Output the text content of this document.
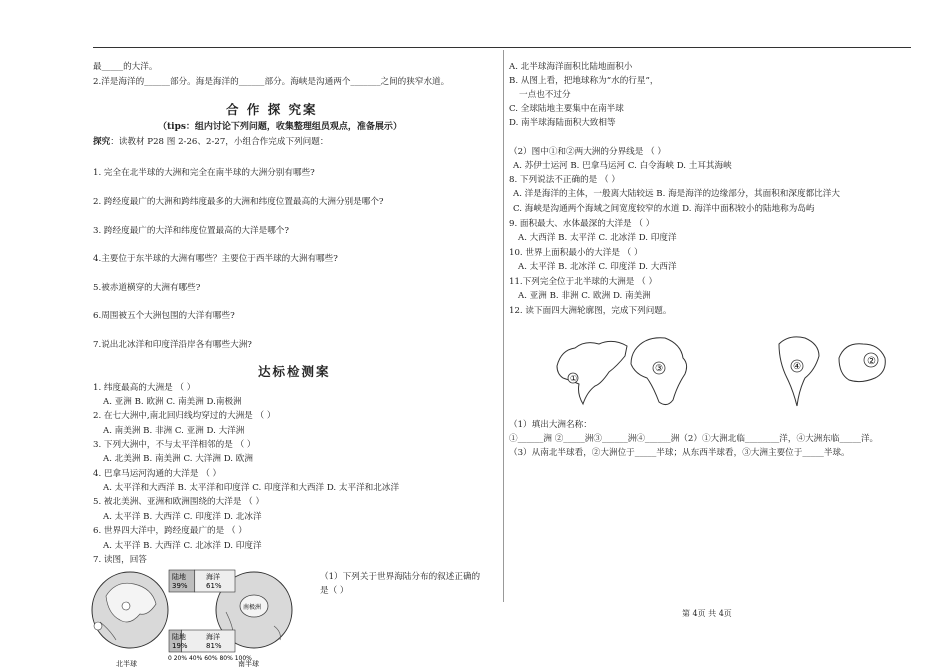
最_____的大洋。
2.洋是海洋的______部分。海是海洋的______部分。海峡是沟通两个_______之间的狭窄水道。
合 作 探 究案
（tips：组内讨论下列问题，收集整理组员观点，准备展示）
探究：读教材 P28 图 2-26、2-27，小组合作完成下列问题：
1. 完全在北半球的大洲和完全在南半球的大洲分别有哪些?
2. 跨经度最广的大洲和跨纬度最多的大洲和纬度位置最高的大洲分别是哪个?
3. 跨经度最广的大洋和纬度位置最高的大洋是哪个?
4.主要位于东半球的大洲有哪些？主要位于西半球的大洲有哪些?
5.被赤道横穿的大洲有哪些?
6.周围被五个大洲包围的大洋有哪些?
7.说出北冰洋和印度洋沿岸各有哪些大洲?
达标检测案
1. 纬度最高的大洲是 （ ）
A. 亚洲 B. 欧洲 C. 南美洲 D.南极洲
2. 在七大洲中,南北回归线均穿过的大洲是 （ ）
A. 南美洲 B. 非洲 C. 亚洲 D. 大洋洲
3. 下列大洲中，不与太平洋相邻的是 （ ）
A. 北美洲 B. 南美洲 C. 大洋洲 D. 欧洲
4. 巴拿马运河沟通的大洋是 （ ）
A. 太平洋和大西洋 B. 太平洋和印度洋 C. 印度洋和大西洋 D. 太平洋和北冰洋
5. 被北美洲、亚洲和欧洲围绕的大洋是 （ ）
A. 太平洋 B. 大西洋 C. 印度洋 D. 北冰洋
6. 世界四大洋中，跨经度最广的是 （ ）
A. 太平洋 B. 大西洋 C. 北冰洋 D. 印度洋
7. 读图，回答
（1）下列关于世界海陆分布的叙述正确的
是（ ）
陆地
39%
海洋
61%
陆地
19%
海洋
81%
0 20% 40% 60% 80% 100%
北半球	南半球
南极洲
A. 北半球海洋面积比陆地面积小
B. 从图上看，把地球称为“水的行星”，
一点也不过分
C. 全球陆地主要集中在南半球
D. 南半球海陆面积大致相等
（2）图中①和②两大洲的分界线是 （ ）
A. 苏伊士运河 B. 巴拿马运河 C. 白令海峡 D. 土耳其海峡
8. 下列说法不正确的是 （ ）
A. 洋是海洋的主体，一般离大陆较远 B. 海是海洋的边缘部分，其面积和深度都比洋大
C. 海峡是沟通两个海域之间宽度较窄的水道 D. 海洋中面积较小的陆地称为岛屿
9. 面积最大、水体最深的大洋是 （ ）
A. 大西洋 B. 太平洋 C. 北冰洋 D. 印度洋
10. 世界上面积最小的大洋是 （ ）
A. 太平洋 B. 北冰洋 C. 印度洋 D. 大西洋
11.下列完全位于北半球的大洲是 （ ）
A. 亚洲 B. 非洲 C. 欧洲 D. 南美洲
12. 读下面四大洲轮廓图，完成下列问题。
①
③	④	②
（1）填出大洲名称：
①______洲 ②_____洲③______洲④______洲（2）①大洲北临________洋，④大洲东临_____洋。
（3）从南北半球看，②大洲位于_____半球；从东西半球看，③大洲主要位于_____半球。
第 4页 共 4页
